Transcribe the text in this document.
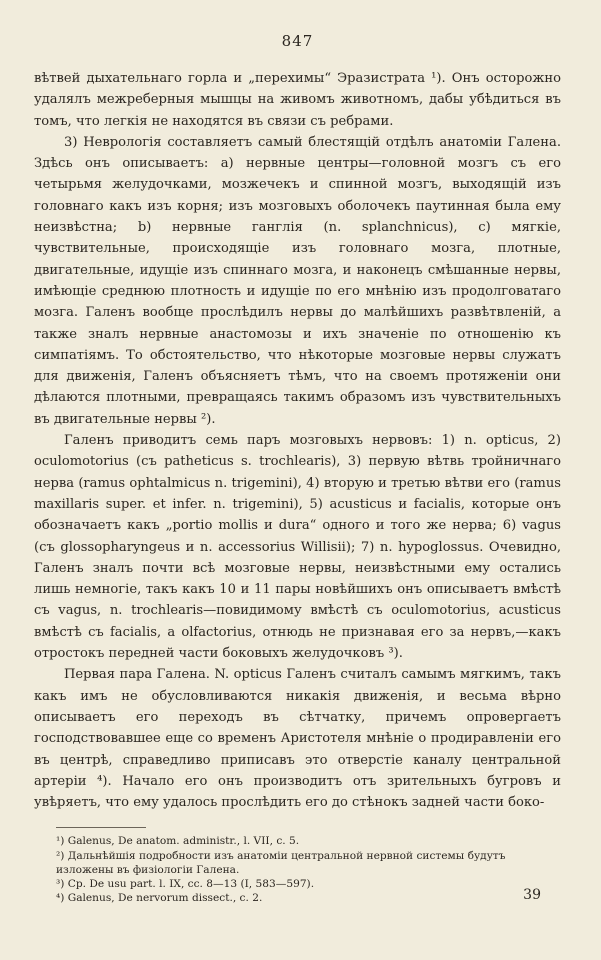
847

вѣтвей дыхательнаго горла и „перехимы“ Эразистрата ¹). Онъ осторожно удалялъ межреберныя мышцы на живомъ животномъ, дабы убѣдиться въ томъ, что легкія не находятся въ связи съ ребрами.

3) Неврологія составляетъ самый блестящій отдѣлъ анатоміи Галена. Здѣсь онъ описываетъ: а) нервные центры—головной мозгъ съ его четырьмя желудочками, мозжечекъ и спинной мозгъ, выходящій изъ головнаго какъ изъ корня; изъ мозговыхъ оболочекъ паутинная была ему неизвѣстна; b) нервные ганглія (n. splanchnicus), с) мягкіе, чувствительные, происходящіе изъ головнаго мозга, плотные, двигательные, идущіе изъ спиннаго мозга, и наконецъ смѣшанные нервы, имѣющіе среднюю плотность и идущіе по его мнѣнію изъ продолговатаго мозга. Галенъ вообще прослѣдилъ нервы до малѣйшихъ развѣтвленій, а также зналъ нервные анастомозы и ихъ значеніе по отношенію къ симпатіямъ. То обстоятельство, что нѣкоторые мозговые нервы служатъ для движенія, Галенъ объясняетъ тѣмъ, что на своемъ протяженіи они дѣлаются плотными, превращаясь такимъ образомъ изъ чувствительныхъ въ двигательные нервы ²).

Галенъ приводитъ семь паръ мозговыхъ нервовъ: 1) n. opticus, 2) oculomotorius (съ patheticus s. trochlearis), 3) первую вѣтвь тройничнаго нерва (ramus ophtalmicus n. trigemini), 4) вторую и третью вѣтви его (ramus maxillaris super. et infer. n. trigemini), 5) acusticus и facialis, которые онъ обозначаетъ какъ „portio mollis и dura“ одного и того же нерва; 6) vagus (съ glossopharyngeus и n. accessorius Willisii); 7) n. hypoglossus. Очевидно, Галенъ зналъ почти всѣ мозговые нервы, неизвѣстными ему остались лишь немногіе, такъ какъ 10 и 11 пары новѣйшихъ онъ описываетъ вмѣстѣ съ vagus, n. trochlearis—повидимому вмѣстѣ съ oculomotorius, acusticus вмѣстѣ съ facialis, а olfactorius, отнюдь не признавая его за нервъ,—какъ отростокъ передней части боковыхъ желудочковъ ³).

Первая пара Галена. N. opticus Галенъ считалъ самымъ мягкимъ, такъ какъ имъ не обусловливаются никакія движенія, и весьма вѣрно описываетъ его переходъ въ сѣтчатку, причемъ опровергаетъ господствовавшее еще со временъ Аристотеля мнѣніе о продиравленіи его въ центрѣ, справедливо приписавъ это отверстіе каналу центральной артеріи ⁴). Начало его онъ производитъ отъ зрительныхъ бугровъ и увѣряетъ, что ему удалось прослѣдить его до стѣнокъ задней части боко-

¹) Galenus, De anatom. administr., l. VII, c. 5.
²) Дальнѣйшія подробности изъ анатоміи центральной нервной системы будутъ изложены въ физіологіи Галена.
³) Cp. De usu part. l. IX, cc. 8—13 (I, 583—597).
⁴) Galenus, De nervorum dissect., c. 2.	39
